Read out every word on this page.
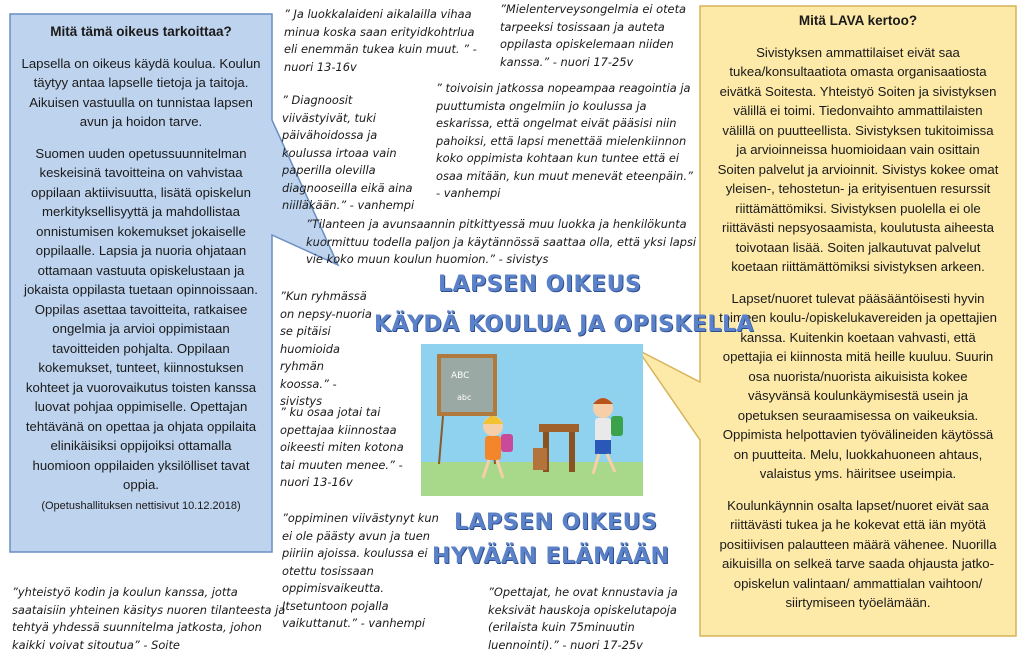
Mitä tämä oikeus tarkoittaa?

Lapsella on oikeus käydä koulua. Koulun täytyy antaa lapselle tietoja ja taitoja. Aikuisen vastuulla on tunnistaa lapsen avun ja hoidon tarve.

Suomen uuden opetussuunnitelman keskeisinä tavoitteina on vahvistaa oppilaan aktiivisuutta, lisätä opiskelun merkityksellisyyttä ja mahdollistaa onnistumisen kokemukset jokaiselle oppilaalle. Lapsia ja nuoria ohjataan ottamaan vastuuta opiskelustaan ja jokaista oppilasta tuetaan opinnoissaan. Oppilas asettaa tavoitteita, ratkaisee ongelmia ja arvioi oppimistaan tavoitteiden pohjalta. Oppilaan kokemukset, tunteet, kiinnostuksen kohteet ja vuorovaikutus toisten kanssa luovat pohjaa oppimiselle. Opettajan tehtävänä on opettaa ja ohjata oppilaita elinikäisiksi oppijoiksi ottamalla huomioon oppilaiden yksilölliset tavat oppia.

(Opetushallituksen nettisivut 10.12.2018)
Mitä LAVA kertoo?

Sivistyksen ammattilaiset eivät saa tukea/konsultaatiota omasta organisaatiosta eivätkä Soitesta. Yhteistyö Soiten ja sivistyksen välillä ei toimi. Tiedonvaihto ammattilaisten välillä on puutteellista. Sivistyksen tukitoimissa ja arvioinneissa huomioidaan vain osittain Soiten palvelut ja arvioinnit. Sivistys kokee omat yleisen-, tehostetun- ja erityisentuen resurssit riittämättömiksi. Sivistyksen puolella ei ole riittävästi nepsyosaamista, koulutusta aiheesta toivotaan lisää. Soiten jalkautuvat palvelut koetaan riittämättömiksi sivistyksen arkeen.

Lapset/nuoret tulevat pääsääntöisesti hyvin toimeen koulu-/opiskelukavereiden ja opettajien kanssa. Kuitenkin koetaan vahvasti, että opettajia ei kiinnosta mitä heille kuuluu. Suurin osa nuorista/nuorista aikuisista kokee väsyvänsä koulunkäymisestä usein ja opetuksen seuraamisessa on vaikeuksia. Oppimista helpottavien työvälineiden käytössä on puutteita. Melu, luokkahuoneen ahtaus, valaistus yms. häiritsee useimpia.

Koulunkäynnin osalta lapset/nuoret eivät saa riittävästi tukea ja he kokevat että iän myötä positiivisen palautteen määrä vähenee. Nuorilla aikuisilla on selkeä tarve saada ohjausta jatko-opiskelun valintaan/ ammattialan vaihtoon/ siirtymiseen työelämään.

” Ja luokkalaideni aikalailla vihaa minua koska saan erityidkohtrlua eli enemmän tukea kuin muut. ” - nuori 13-16v
”Mielenterveysongelmia ei oteta tarpeeksi tosissaan ja auteta oppilasta opiskelemaan niiden kanssa.” - nuori 17-25v
” Diagnoosit viivästyivät, tuki päivähoidossa ja koulussa irtoaa vain paperilla olevilla diagnooseilla eikä aina niilläkään.” - vanhempi
” toivoisin jatkossa nopeampaa reagointia ja puuttumista ongelmiin jo koulussa ja eskarissa, että ongelmat eivät pääsisi niin pahoiksi, että lapsi menettää mielenkiinnon koko oppimista kohtaan kun tuntee että ei osaa mitään, kun muut menevät eteenpäin.” - vanhempi
”Tilanteen ja avunsaannin pitkittyessä muu luokka ja henkilökunta kuormittuu todella paljon ja käytännössä saattaa olla, että yksi lapsi vie koko muun koulun huomion.” - sivistys
”Kun ryhmässä on nepsy-nuoria se pitäisi huomioida ryhmän koossa.” - sivistys
” ku osaa jotai tai opettajaa kiinnostaa oikeesti miten kotona tai muuten menee.” - nuori 13-16v
”oppiminen viivästynyt kun ei ole päästy avun ja tuen piiriin ajoissa. koulussa ei otettu tosissaan oppimisvaikeutta. Itsetuntoon pojalla vaikuttanut.” - vanhempi
”yhteistyö kodin ja koulun kanssa, jotta saataisiin yhteinen käsitys nuoren tilanteesta ja tehtyä yhdessä suunnitelma jatkosta, johon kaikki voivat sitoutua” - Soite
”Opettajat, he ovat knnustavia ja keksivät hauskoja opiskelutapoja (erilaista kuin 75minuutin luennointi).” - nuori 17-25v
LAPSEN OIKEUS
KÄYDÄ KOULUA JA OPISKELLA
LAPSEN OIKEUS
HYVÄÄN ELÄMÄÄN
ABC
abc
